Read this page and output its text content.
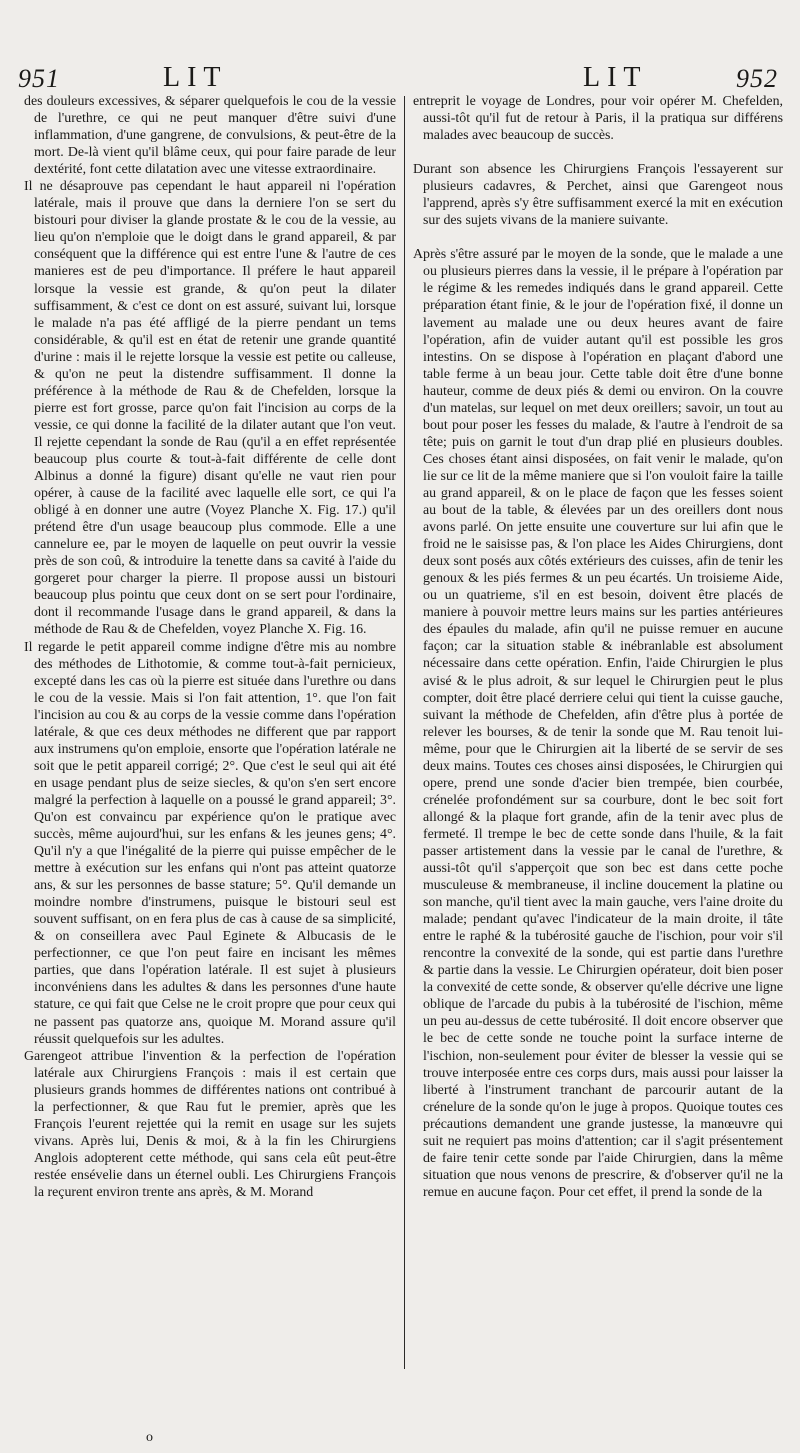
951	LIT	LIT	952

des douleurs excessives, & séparer quelquefois le cou de la vessie de l'urethre, ce qui ne peut manquer d'être suivi d'une inflammation, d'une gangrene, de convulsions, & peut-être de la mort. De-là vient qu'il blâme ceux, qui pour faire parade de leur dextérité, font cette dilatation avec une vitesse extraordinaire.

Il ne désaprouve pas cependant le haut appareil ni l'opération latérale, mais il prouve que dans la derniere l'on se sert du bistouri pour diviser la glande prostate & le cou de la vessie, au lieu qu'on n'emploie que le doigt dans le grand appareil, & par conséquent que la différence qui est entre l'une & l'autre de ces manieres est de peu d'importance. Il préfere le haut appareil lorsque la vessie est grande, & qu'on peut la dilater suffisamment, & c'est ce dont on est assuré, suivant lui, lorsque le malade n'a pas été affligé de la pierre pendant un tems considérable, & qu'il est en état de retenir une grande quantité d'urine : mais il le rejette lorsque la vessie est petite ou calleuse, & qu'on ne peut la distendre suffisamment. Il donne la préférence à la méthode de Rau & de Chefelden, lorsque la pierre est fort grosse, parce qu'on fait l'incision au corps de la vessie, ce qui donne la facilité de la dilater autant que l'on veut. Il rejette cependant la sonde de Rau (qu'il a en effet représentée beaucoup plus courte & tout-à-fait différente de celle dont Albinus a donné la figure) disant qu'elle ne vaut rien pour opérer, à cause de la facilité avec laquelle elle sort, ce qui l'a obligé à en donner une autre (Voyez Planche X. Fig. 17.) qu'il prétend être d'un usage beaucoup plus commode. Elle a une cannelure ee, par le moyen de laquelle on peut ouvrir la vessie près de son coû, & introduire la tenette dans sa cavité à l'aide du gorgeret pour charger la pierre. Il propose aussi un bistouri beaucoup plus pointu que ceux dont on se sert pour l'ordinaire, dont il recommande l'usage dans le grand appareil, & dans la méthode de Rau & de Chefelden, voyez Planche X. Fig. 16.

Il regarde le petit appareil comme indigne d'être mis au nombre des méthodes de Lithotomie, & comme tout-à-fait pernicieux, excepté dans les cas où la pierre est située dans l'urethre ou dans le cou de la vessie. Mais si l'on fait attention, 1°. que l'on fait l'incision au cou & au corps de la vessie comme dans l'opération latérale, & que ces deux méthodes ne different que par rapport aux instrumens qu'on emploie, ensorte que l'opération latérale ne soit que le petit appareil corrigé; 2°. Que c'est le seul qui ait été en usage pendant plus de seize siecles, & qu'on s'en sert encore malgré la perfection à laquelle on a poussé le grand appareil; 3°. Qu'on est convaincu par expérience qu'on le pratique avec succès, même aujourd'hui, sur les enfans & les jeunes gens; 4°. Qu'il n'y a que l'inégalité de la pierre qui puisse empêcher de le mettre à exécution sur les enfans qui n'ont pas atteint quatorze ans, & sur les personnes de basse stature; 5°. Qu'il demande un moindre nombre d'instrumens, puisque le bistouri seul est souvent suffisant, on en fera plus de cas à cause de sa simplicité, & on conseillera avec Paul Eginete & Albucasis de le perfectionner, ce que l'on peut faire en incisant les mêmes parties, que dans l'opération latérale. Il est sujet à plusieurs inconvéniens dans les adultes & dans les personnes d'une haute stature, ce qui fait que Celse ne le croit propre que pour ceux qui ne passent pas quatorze ans, quoique M. Morand assure qu'il réussit quelquefois sur les adultes.

Garengeot attribue l'invention & la perfection de l'opération latérale aux Chirurgiens François : mais il est certain que plusieurs grands hommes de différentes nations ont contribué à la perfectionner, & que Rau fut le premier, après que les François l'eurent rejettée qui la remit en usage sur les sujets vivans. Après lui, Denis & moi, & à la fin les Chirurgiens Anglois adopterent cette méthode, qui sans cela eût peut-être restée ensévelie dans un éternel oubli. Les Chirurgiens François la reçurent environ trente ans après, & M. Morand

entreprit le voyage de Londres, pour voir opérer M. Chefelden, aussi-tôt qu'il fut de retour à Paris, il la pratiqua sur différens malades avec beaucoup de succès.

Durant son absence les Chirurgiens François l'essayerent sur plusieurs cadavres, & Perchet, ainsi que Garengeot nous l'apprend, après s'y être suffisamment exercé la mit en exécution sur des sujets vivans de la maniere suivante.

Après s'être assuré par le moyen de la sonde, que le malade a une ou plusieurs pierres dans la vessie, il le prépare à l'opération par le régime & les remedes indiqués dans le grand appareil. Cette préparation étant finie, & le jour de l'opération fixé, il donne un lavement au malade une ou deux heures avant de faire l'opération, afin de vuider autant qu'il est possible les gros intestins. On se dispose à l'opération en plaçant d'abord une table ferme à un beau jour. Cette table doit être d'une bonne hauteur, comme de deux piés & demi ou environ. On la couvre d'un matelas, sur lequel on met deux oreillers; savoir, un tout au bout pour poser les fesses du malade, & l'autre à l'endroit de sa tête; puis on garnit le tout d'un drap plié en plusieurs doubles. Ces choses étant ainsi disposées, on fait venir le malade, qu'on lie sur ce lit de la même maniere que si l'on vouloit faire la taille au grand appareil, & on le place de façon que les fesses soient au bout de la table, & élevées par un des oreillers dont nous avons parlé. On jette ensuite une couverture sur lui afin que le froid ne le saisisse pas, & l'on place les Aides Chirurgiens, dont deux sont posés aux côtés extérieurs des cuisses, afin de tenir les genoux & les piés fermes & un peu écartés. Un troisieme Aide, ou un quatrieme, s'il en est besoin, doivent être placés de maniere à pouvoir mettre leurs mains sur les parties antérieures des épaules du malade, afin qu'il ne puisse remuer en aucune façon; car la situation stable & inébranlable est absolument nécessaire dans cette opération. Enfin, l'aide Chirurgien le plus avisé & le plus adroit, & sur lequel le Chirurgien peut le plus compter, doit être placé derriere celui qui tient la cuisse gauche, suivant la méthode de Chefelden, afin d'être plus à portée de relever les bourses, & de tenir la sonde que M. Rau tenoit lui-même, pour que le Chirurgien ait la liberté de se servir de ses deux mains. Toutes ces choses ainsi disposées, le Chirurgien qui opere, prend une sonde d'acier bien trempée, bien courbée, crénelée profondément sur sa courbure, dont le bec soit fort allongé & la plaque fort grande, afin de la tenir avec plus de fermeté. Il trempe le bec de cette sonde dans l'huile, & la fait passer artistement dans la vessie par le canal de l'urethre, & aussi-tôt qu'il s'apperçoit que son bec est dans cette poche musculeuse & membraneuse, il incline doucement la platine ou son manche, qu'il tient avec la main gauche, vers l'aine droite du malade; pendant qu'avec l'indicateur de la main droite, il tâte entre le raphé & la tubérosité gauche de l'ischion, pour voir s'il rencontre la convexité de la sonde, qui est partie dans l'urethre & partie dans la vessie. Le Chirurgien opérateur, doit bien poser la convexité de cette sonde, & observer qu'elle décrive une ligne oblique de l'arcade du pubis à la tubérosité de l'ischion, même un peu au-dessus de cette tubérosité. Il doit encore observer que le bec de cette sonde ne touche point la surface interne de l'ischion, non-seulement pour éviter de blesser la vessie qui se trouve interposée entre ces corps durs, mais aussi pour laisser la liberté à l'instrument tranchant de parcourir autant de la crénelure de la sonde qu'on le juge à propos. Quoique toutes ces précautions demandent une grande justesse, la manœuvre qui suit ne requiert pas moins d'attention; car il s'agit présentement de faire tenir cette sonde par l'aide Chirurgien, dans la même situation que nous venons de prescrire, & d'observer qu'il ne la remue en aucune façon. Pour cet effet, il prend la sonde de la

o
